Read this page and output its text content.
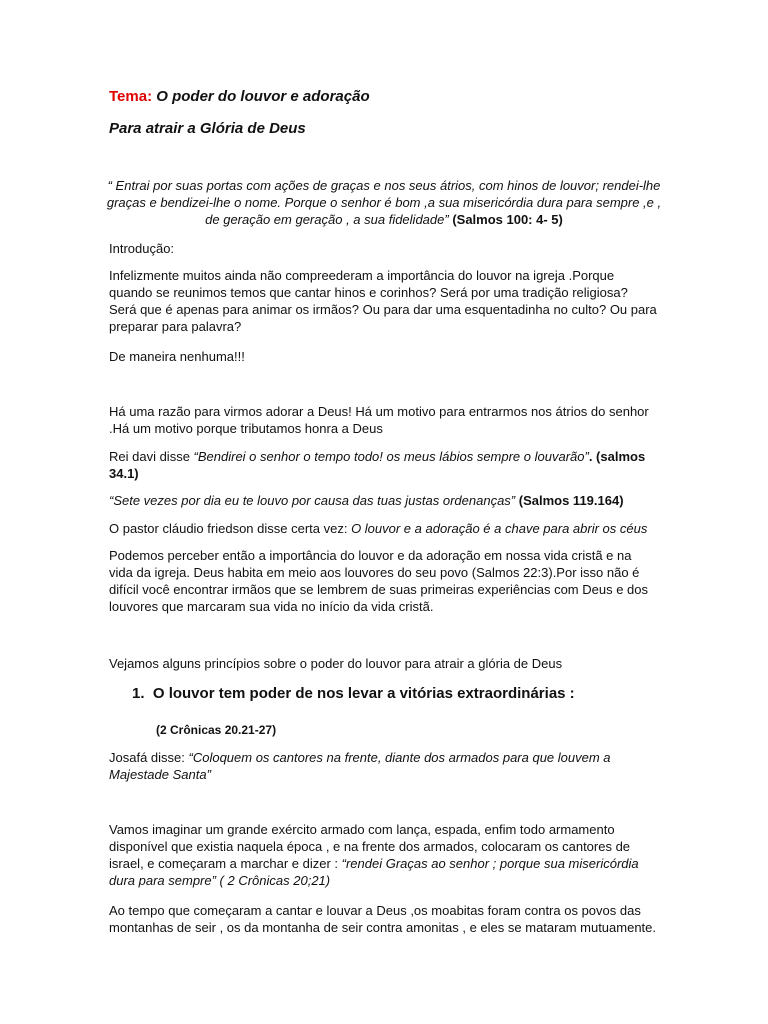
Tema: O poder do louvor e adoração

Para atrair a Glória de Deus

“ Entrai por suas portas com ações de graças e nos seus átrios, com hinos de louvor; rendei-lhe
graças e bendizei-lhe o nome. Porque o senhor é bom ,a sua misericórdia dura para sempre ,e ,
de geração em geração , a sua fidelidade” (Salmos 100: 4- 5)

Introdução:

Infelizmente muitos ainda não compreederam a importância do louvor na igreja .Porque quando se reunimos temos que cantar hinos e corinhos? Será por uma tradição religiosa? Será que é apenas para animar os irmãos? Ou para dar uma esquentadinha no culto? Ou para preparar para palavra?

De maneira nenhuma!!!

Há uma razão para virmos adorar a Deus! Há um motivo para entrarmos nos átrios do senhor .Há um motivo porque tributamos honra a Deus

Rei davi disse “Bendirei o senhor o tempo todo! os meus lábios sempre o louvarão”. (salmos 34.1)

“Sete vezes por dia eu te louvo por causa das tuas justas ordenanças” (Salmos 119.164)

O pastor cláudio friedson disse certa vez: O louvor e a adoração é a chave para abrir os céus

Podemos perceber então a importância do louvor e da adoração em nossa vida cristã e na vida da igreja. Deus habita em meio aos louvores do seu povo (Salmos 22:3).Por isso não é difícil você encontrar irmãos que se lembrem de suas primeiras experiências com Deus e dos louvores que marcaram sua vida no início da vida cristã.

Vejamos alguns princípios sobre o poder do louvor para atrair a glória de Deus

1. O louvor tem poder de nos levar a vitórias extraordinárias :

(2 Crônicas 20.21-27)

Josafá disse: “Coloquem os cantores na frente, diante dos armados para que louvem a Majestade Santa”

Vamos imaginar um grande exército armado com lança, espada, enfim todo armamento disponível que existia naquela época , e na frente dos armados, colocaram os cantores de israel, e começaram a marchar e dizer : “rendei Graças ao senhor ; porque sua misericórdia dura para sempre” ( 2 Crônicas 20;21)

Ao tempo que começaram a cantar e louvar a Deus ,os moabitas foram contra os povos das montanhas de seir , os da montanha de seir contra amonitas , e eles se mataram mutuamente.
